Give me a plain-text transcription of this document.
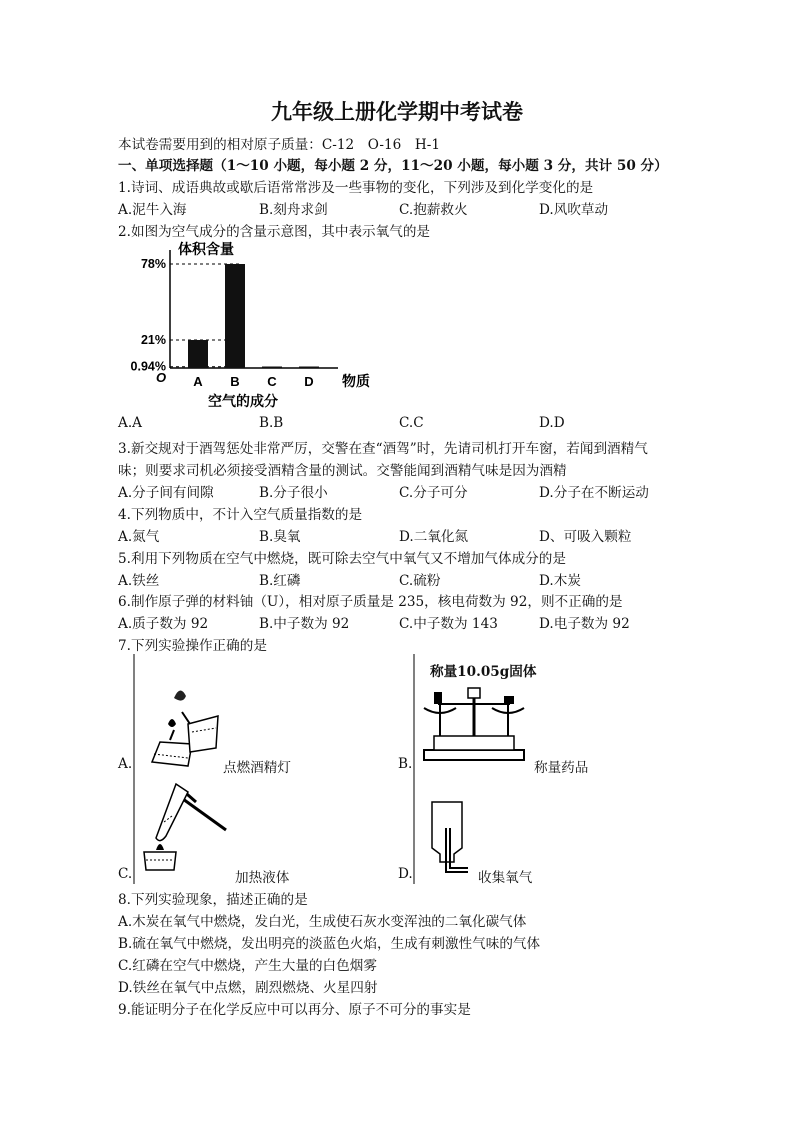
九年级上册化学期中考试卷
本试卷需要用到的相对原子质量：C-12　O-16　H-1
一、单项选择题（1～10 小题，每小题 2 分，11～20 小题，每小题 3 分，共计 50 分）
1.诗词、成语典故或歇后语常常涉及一些事物的变化，下列涉及到化学变化的是
A.泥牛入海	B.刻舟求剑	C.抱薪救火	D.风吹草动
2.如图为空气成分的含量示意图，其中表示氧气的是
78%
21%
0.94%
A B C D
O
体积含量
物质
空气的成分
A.A	B.B	C.C	D.D
3.新交规对于酒驾惩处非常严厉，交警在查“酒驾”时，先请司机打开车窗，若闻到酒精气
味；则要求司机必须接受酒精含量的测试。交警能闻到酒精气味是因为酒精
A.分子间有间隙	B.分子很小	C.分子可分	D.分子在不断运动
4.下列物质中，不计入空气质量指数的是
A.氮气	B.臭氧	D.二氧化氮	D、可吸入颗粒
5.利用下列物质在空气中燃烧，既可除去空气中氧气又不增加气体成分的是
A.铁丝	B.红磷	C.硫粉	D.木炭
6.制作原子弹的材料铀（U），相对原子质量是 235，核电荷数为 92，则不正确的是
A.质子数为 92	B.中子数为 92	C.中子数为 143	D.电子数为 92
7.下列实验操作正确的是
A.	点燃酒精灯	B.
称量10.05g固体
称量药品
C.	加热液体	D.	收集氧气
8.下列实验现象，描述正确的是
A.木炭在氧气中燃烧，发白光，生成使石灰水变浑浊的二氧化碳气体
B.硫在氧气中燃烧，发出明亮的淡蓝色火焰，生成有刺激性气味的气体
C.红磷在空气中燃烧，产生大量的白色烟雾
D.铁丝在氧气中点燃，剧烈燃烧、火星四射
9.能证明分子在化学反应中可以再分、原子不可分的事实是
